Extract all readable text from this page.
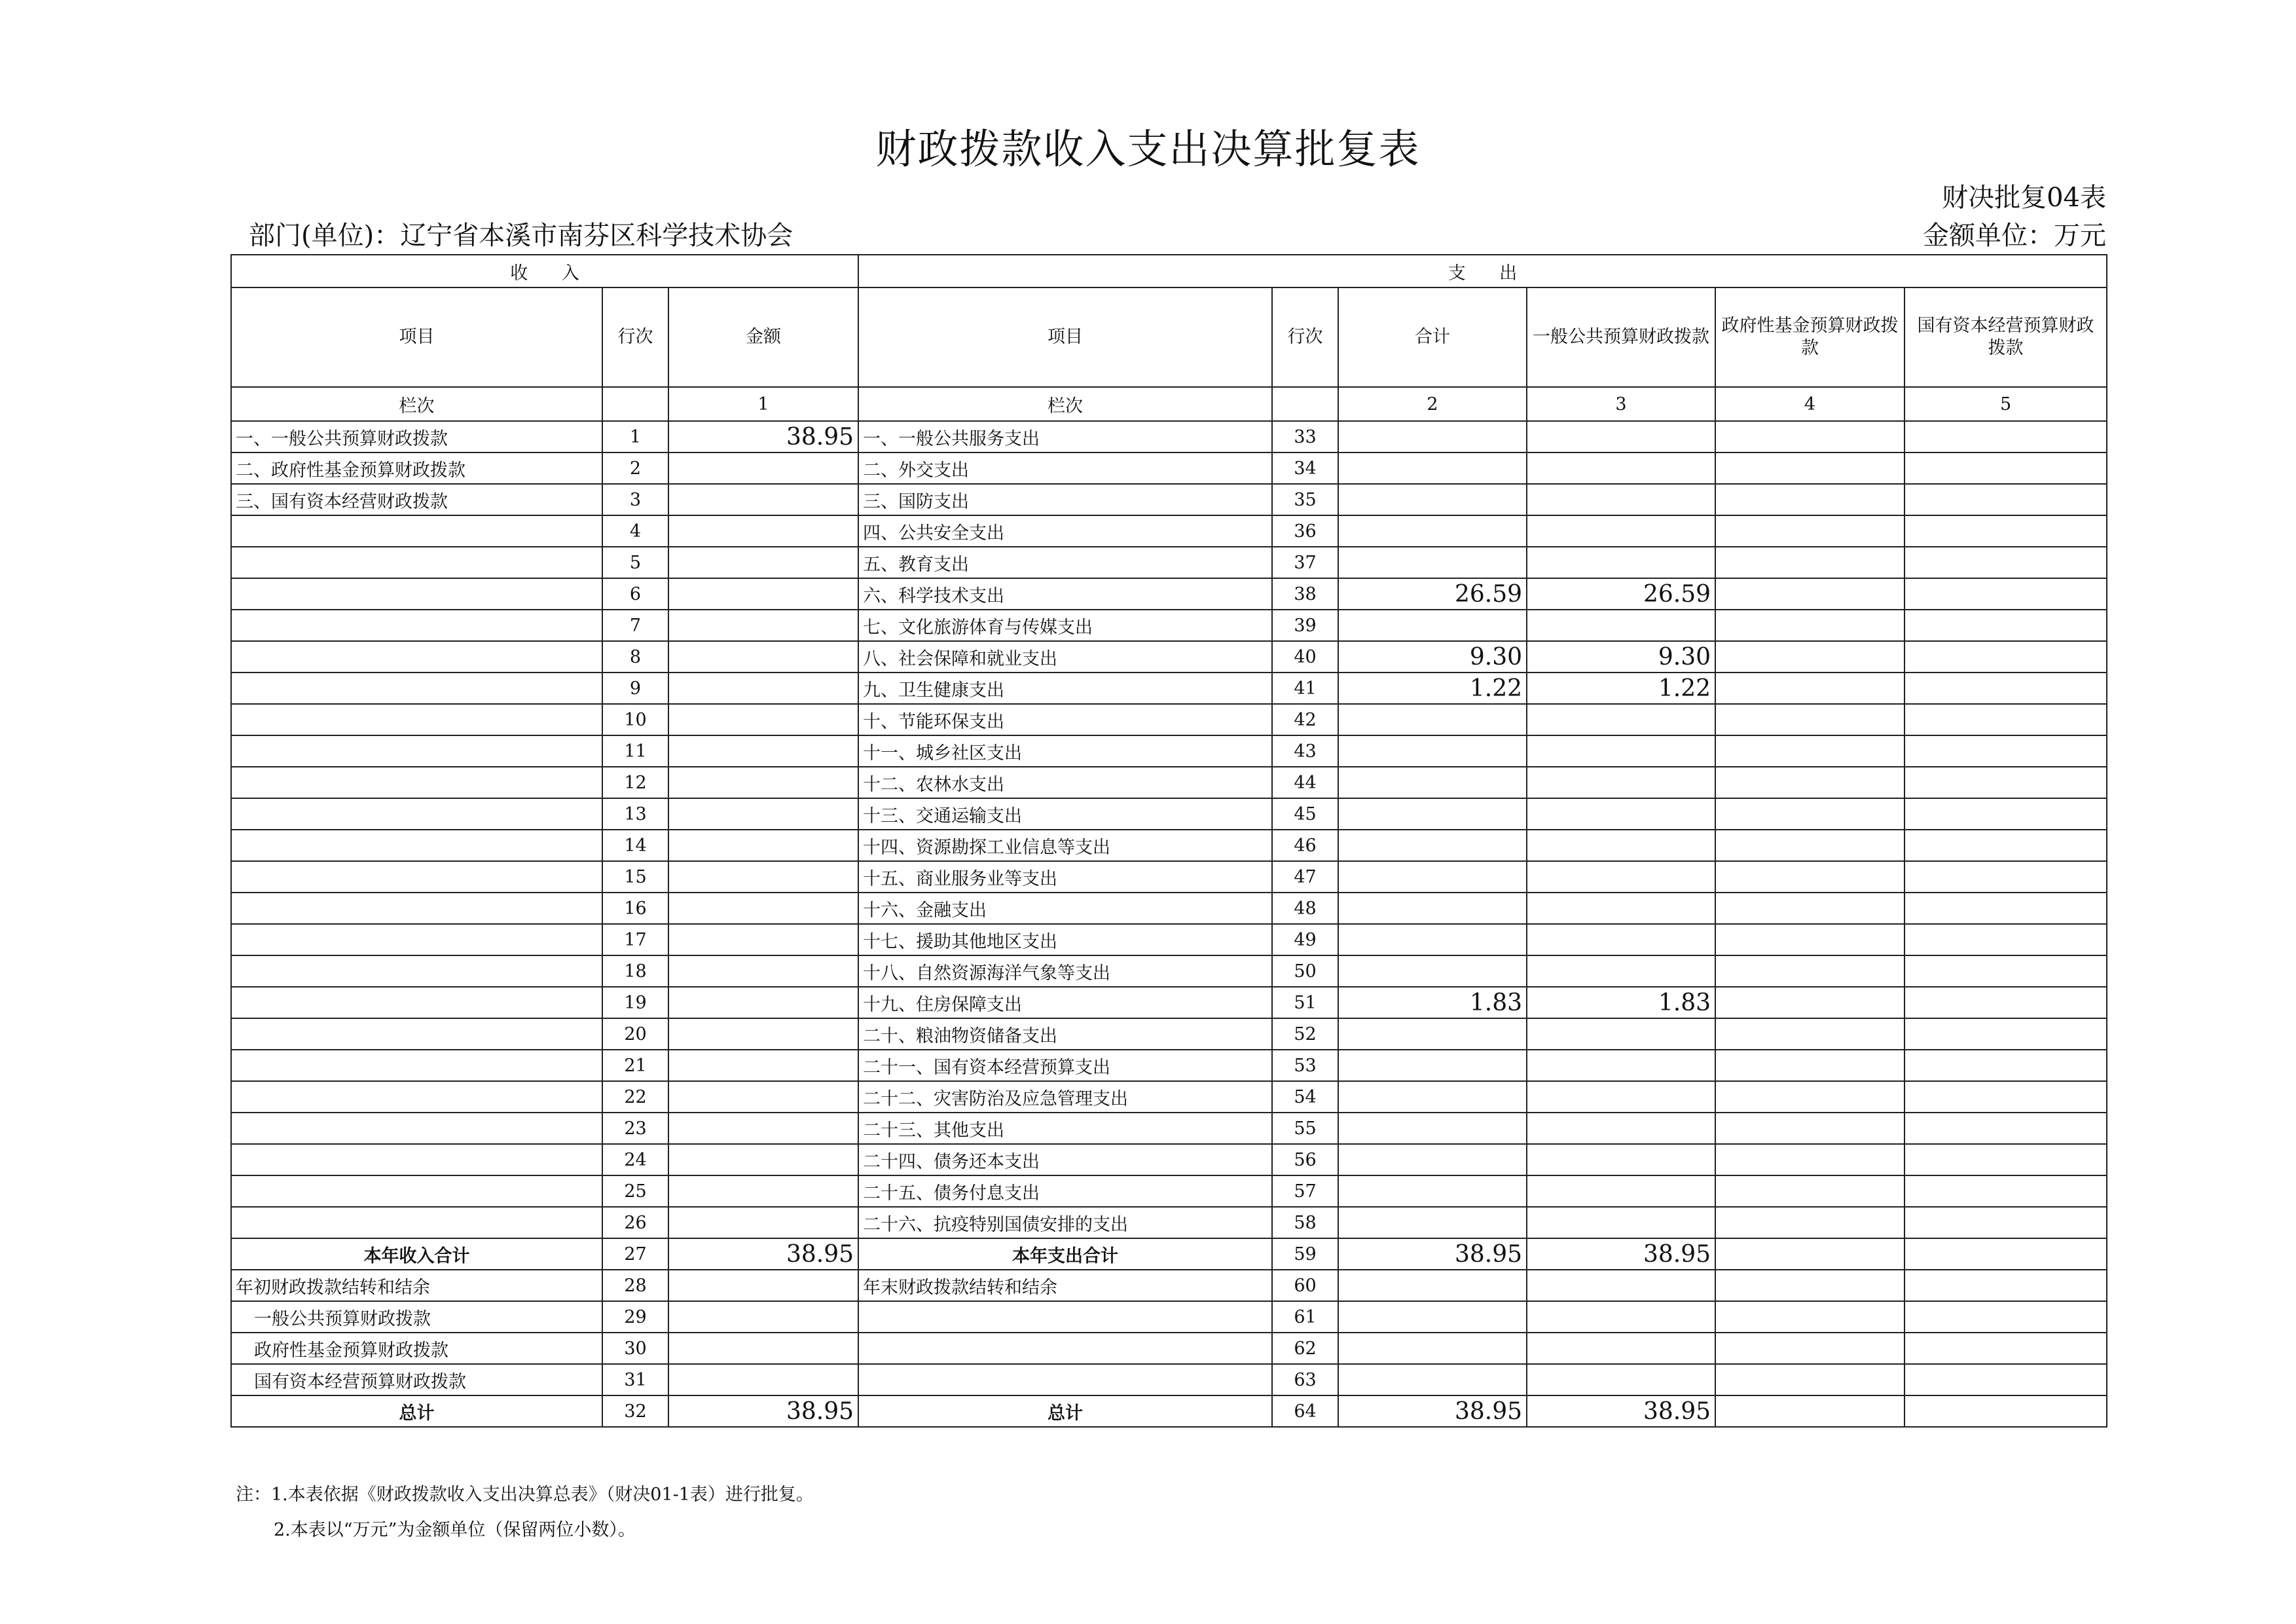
财政拨款收入支出决算批复表
财决批复04表
部门(单位)：辽宁省本溪市南芬区科学技术协会	金额单位：万元
收      入			支      出					
项目	行次	金额	项目	行次	合计	一般公共预算财政拨款	政府性基金预算财政拨款	国有资本经营预算财政拨款
栏次		1	栏次		2	3	4	5
一、一般公共预算财政拨款	1	38.95	一、一般公共服务支出	33				
二、政府性基金预算财政拨款	2		二、外交支出	34				
三、国有资本经营财政拨款	3		三、国防支出	35				
	4		四、公共安全支出	36				
	5		五、教育支出	37				
	6		六、科学技术支出	38	26.59	26.59		
	7		七、文化旅游体育与传媒支出	39				
	8		八、社会保障和就业支出	40	9.30	9.30		
	9		九、卫生健康支出	41	1.22	1.22		
	10		十、节能环保支出	42				
	11		十一、城乡社区支出	43				
	12		十二、农林水支出	44				
	13		十三、交通运输支出	45				
	14		十四、资源勘探工业信息等支出	46				
	15		十五、商业服务业等支出	47				
	16		十六、金融支出	48				
	17		十七、援助其他地区支出	49				
	18		十八、自然资源海洋气象等支出	50				
	19		十九、住房保障支出	51	1.83	1.83		
	20		二十、粮油物资储备支出	52				
	21		二十一、国有资本经营预算支出	53				
	22		二十二、灾害防治及应急管理支出	54				
	23		二十三、其他支出	55				
	24		二十四、债务还本支出	56				
	25		二十五、债务付息支出	57				
	26		二十六、抗疫特别国债安排的支出	58				
本年收入合计	27	38.95	本年支出合计	59	38.95	38.95		
年初财政拨款结转和结余	28		年末财政拨款结转和结余	60				
一般公共预算财政拨款	29			61				
政府性基金预算财政拨款	30			62				
国有资本经营预算财政拨款	31			63				
总计	32	38.95	总计	64	38.95	38.95		
注：1.本表依据《财政拨款收入支出决算总表》（财决01-1表）进行批复。
2.本表以“万元”为金额单位（保留两位小数）。
